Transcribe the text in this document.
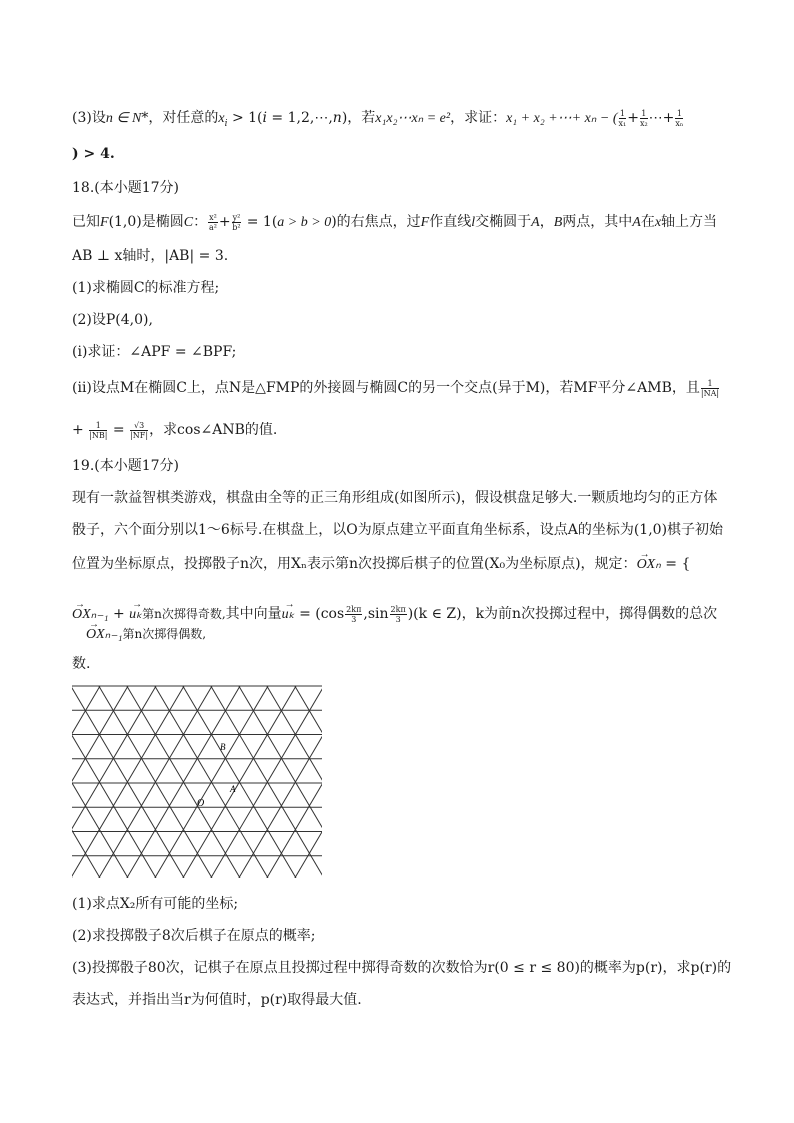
(3)设n ∈ N*，对任意的$x_i > 1(i$ = 1,2,⋯,n)，若x₁x₂⋯xₙ = e²，求证：x₁ + x₂ +⋯+ xₙ − ( $\frac{1}{\text{x₁}} + \frac{1}{\text{x₂}}$ ⋯+ $\frac{1}{\text{xₙ}}$
) > 4.
18.(本小题17分)
已知F(1,0)是椭圆C： $\frac{\text{x²}}{\text{a²}} + \frac{\text{y²}}{\text{b²}} = 1(a > b > 0)$的右焦点，过F作直线l交椭圆于A，B两点，其中A在x轴上方当
AB ⊥ x轴时，|AB| = 3.
(1)求椭圆C的标准方程;
(2)设P(4,0),
(ⅰ)求证：∠APF = ∠BPF;
(ⅱ)设点M在椭圆C上，点N是△FMP的外接圆与椭圆C的另一个交点(异于M)，若MF平分∠AMB，且 $\frac{1}{|NA|}$
+ $\frac{1}{|NB|} = \frac{√3}{|NF|}$ ，求cos∠ANB的值.
19.(本小题17分)
现有一款益智棋类游戏，棋盘由全等的正三角形组成(如图所示)，假设棋盘足够大.一颗质地均匀的正方体
骰子，六个面分别以1～6标号.在棋盘上，以O为原点建立平面直角坐标系，设点A的坐标为(1,0)棋子初始
位置为坐标原点，投掷骰子n次，用Xₙ表示第n次投掷后棋子的位置(X₀为坐标原点)，规定：→ OXₙ = {
→ OXₙ₋₁ + → uₖ第n次掷得奇数,其中向量→ $u_k = (\cos \frac{2k\pi}{3} ,\sin \frac{2k\pi}{3} )(k$ ∈ Z)，k为前n次投掷过程中，掷得偶数的总次
→ OXₙ₋₁第n次掷得偶数,
数.
O
A
B
(1)求点X₂所有可能的坐标;
(2)求投掷骰子8次后棋子在原点的概率;
(3)投掷骰子80次，记棋子在原点且投掷过程中掷得奇数的次数恰为r(0 ≤ r ≤ 80)的概率为p(r)，求p(r)的
表达式，并指出当r为何值时，p(r)取得最大值.
